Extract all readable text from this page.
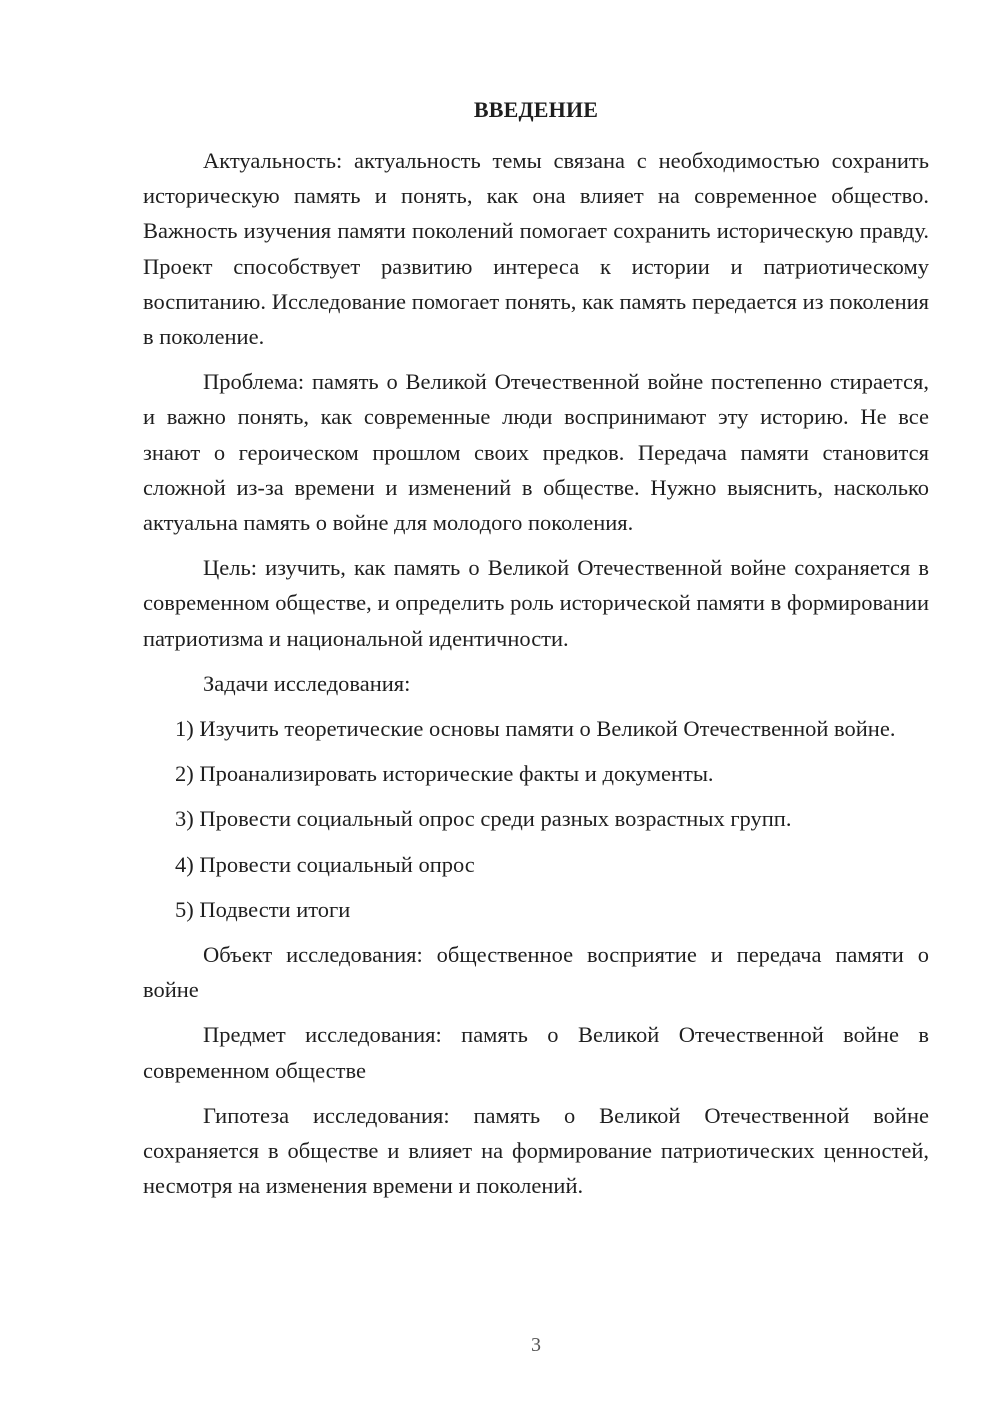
ВВЕДЕНИЕ

Актуальность: актуальность темы связана с необходимостью сохранить историческую память и понять, как она влияет на современное общество. Важность изучения памяти поколений помогает сохранить историческую правду. Проект способствует развитию интереса к истории и патриотическому воспитанию. Исследование помогает понять, как память передается из поколения в поколение.

Проблема: память о Великой Отечественной войне постепенно стирается, и важно понять, как современные люди воспринимают эту историю. Не все знают о героическом прошлом своих предков. Передача памяти становится сложной из-за времени и изменений в обществе. Нужно выяснить, насколько актуальна память о войне для молодого поколения.

Цель: изучить, как память о Великой Отечественной войне сохраняется в современном обществе, и определить роль исторической памяти в формировании патриотизма и национальной идентичности.

Задачи исследования:

1) Изучить теоретические основы памяти о Великой Отечественной войне.

2) Проанализировать исторические факты и документы.

3) Провести социальный опрос среди разных возрастных групп.

4) Провести социальный опрос

5) Подвести итоги

Объект исследования: общественное восприятие и передача памяти о войне

Предмет исследования: память о Великой Отечественной войне в современном обществе

Гипотеза исследования: память о Великой Отечественной войне сохраняется в обществе и влияет на формирование патриотических ценностей, несмотря на изменения времени и поколений.

3
